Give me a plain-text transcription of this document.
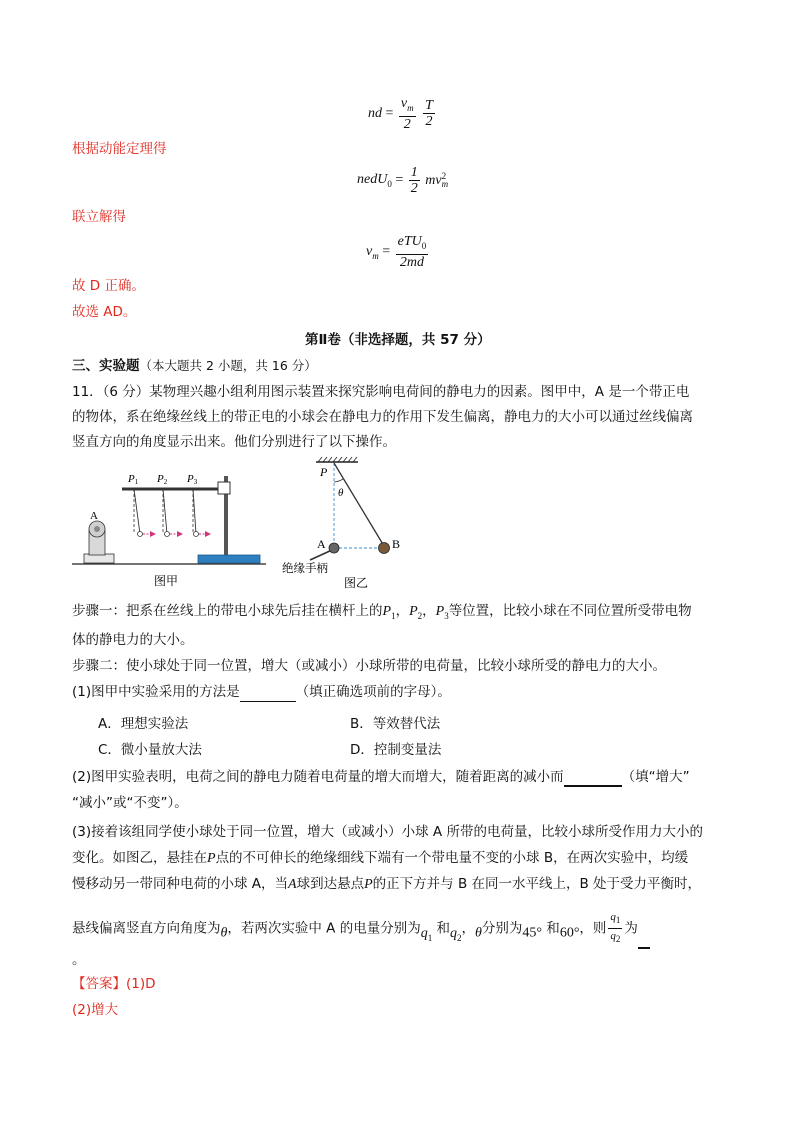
nd = $\frac{v_m}{2}$
$\frac{T}{2}$
根据动能定理得
nedU$_0$ = $\frac{1}{2}$ mv 2
m
联立解得
$v_m = \frac{eTU_0}{2md}$
故 D 正确。
故选 AD。
第Ⅱ卷（非选择题，共 57 分）
三、实验题（本大题共 2 小题，共 16 分）
11．（6 分）某物理兴趣小组利用图示装置来探究影响电荷间的静电力的因素。图甲中，A 是一个带正电
的物体，系在绝缘丝线上的带正电的小球会在静电力的作用下发生偏离，静电力的大小可以通过丝线偏离
竖直方向的角度显示出来。他们分别进行了以下操作。
A
P1 P2 P3
图甲
P
θ
A	B
绝缘手柄
图乙
步骤一：把系在丝线上的带电小球先后挂在横杆上的$P_1$，$P_2$，$P_3$等位置，比较小球在不同位置所受带电物
体的静电力的大小。
步骤二：使小球处于同一位置，增大（或减小）小球所带的电荷量，比较小球所受的静电力的大小。
(1)图甲中实验采用的方法是	（填正确选项前的字母）。
A．理想实验法	B．等效替代法
C．微小量放大法	D．控制变量法
(2)图甲实验表明，电荷之间的静电力随着电荷量的增大而增大，随着距离的减小而	（填“增大”
“减小”或“不变”）。
(3)接着该组同学使小球处于同一位置，增大（或减小）小球 A 所带的电荷量，比较小球所受作用力大小的
变化。如图乙，悬挂在P点的不可伸长的绝缘细线下端有一个带电量不变的小球 B，在两次实验中，均缓
慢移动另一带同种电荷的小球 A，当A球到达悬点P的正下方并与 B 在同一水平线上，B 处于受力平衡时，
悬线偏离竖直方向角度为θ，若两次实验中 A 的电量分别为$q_1$ 和$q_2$，θ分别为45° 和60°，则 $\frac{q_1}{q_2}$ 为
。
【答案】(1)D
(2)增大
